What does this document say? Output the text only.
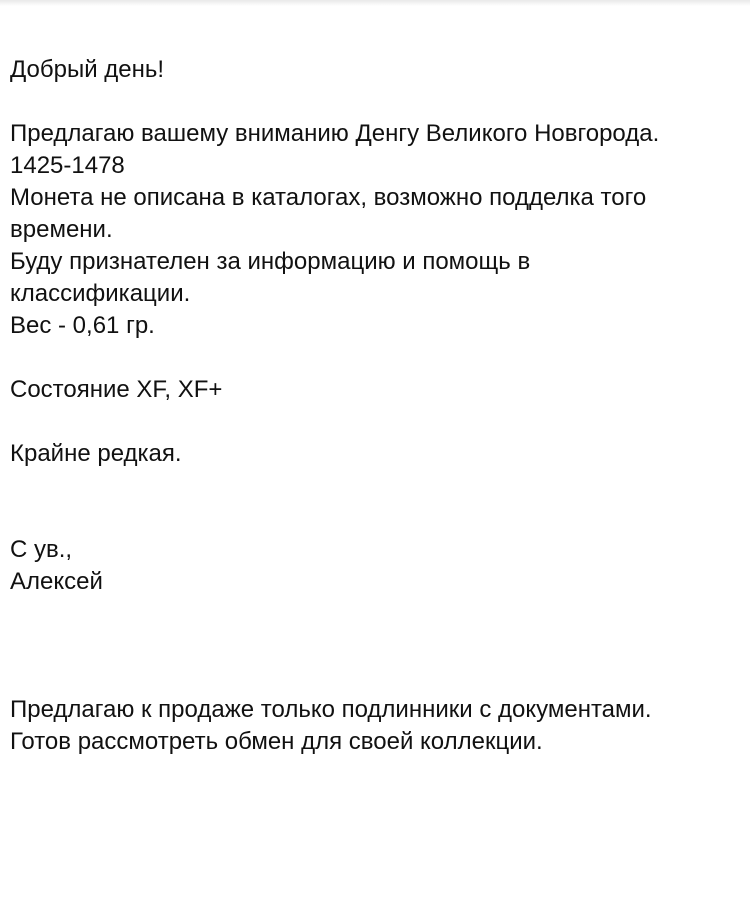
Добрый день!
Предлагаю вашему вниманию Денгу Великого Новгорода.
1425-1478
Монета не описана в каталогах, возможно подделка того времени.
Буду признателен за информацию и помощь в классификации.
Вес - 0,61 гр.
Состояние XF, XF+
Крайне редкая.
С ув.,
Алексей
Предлагаю к продаже только подлинники с документами.
Готов рассмотреть обмен для своей коллекции.
